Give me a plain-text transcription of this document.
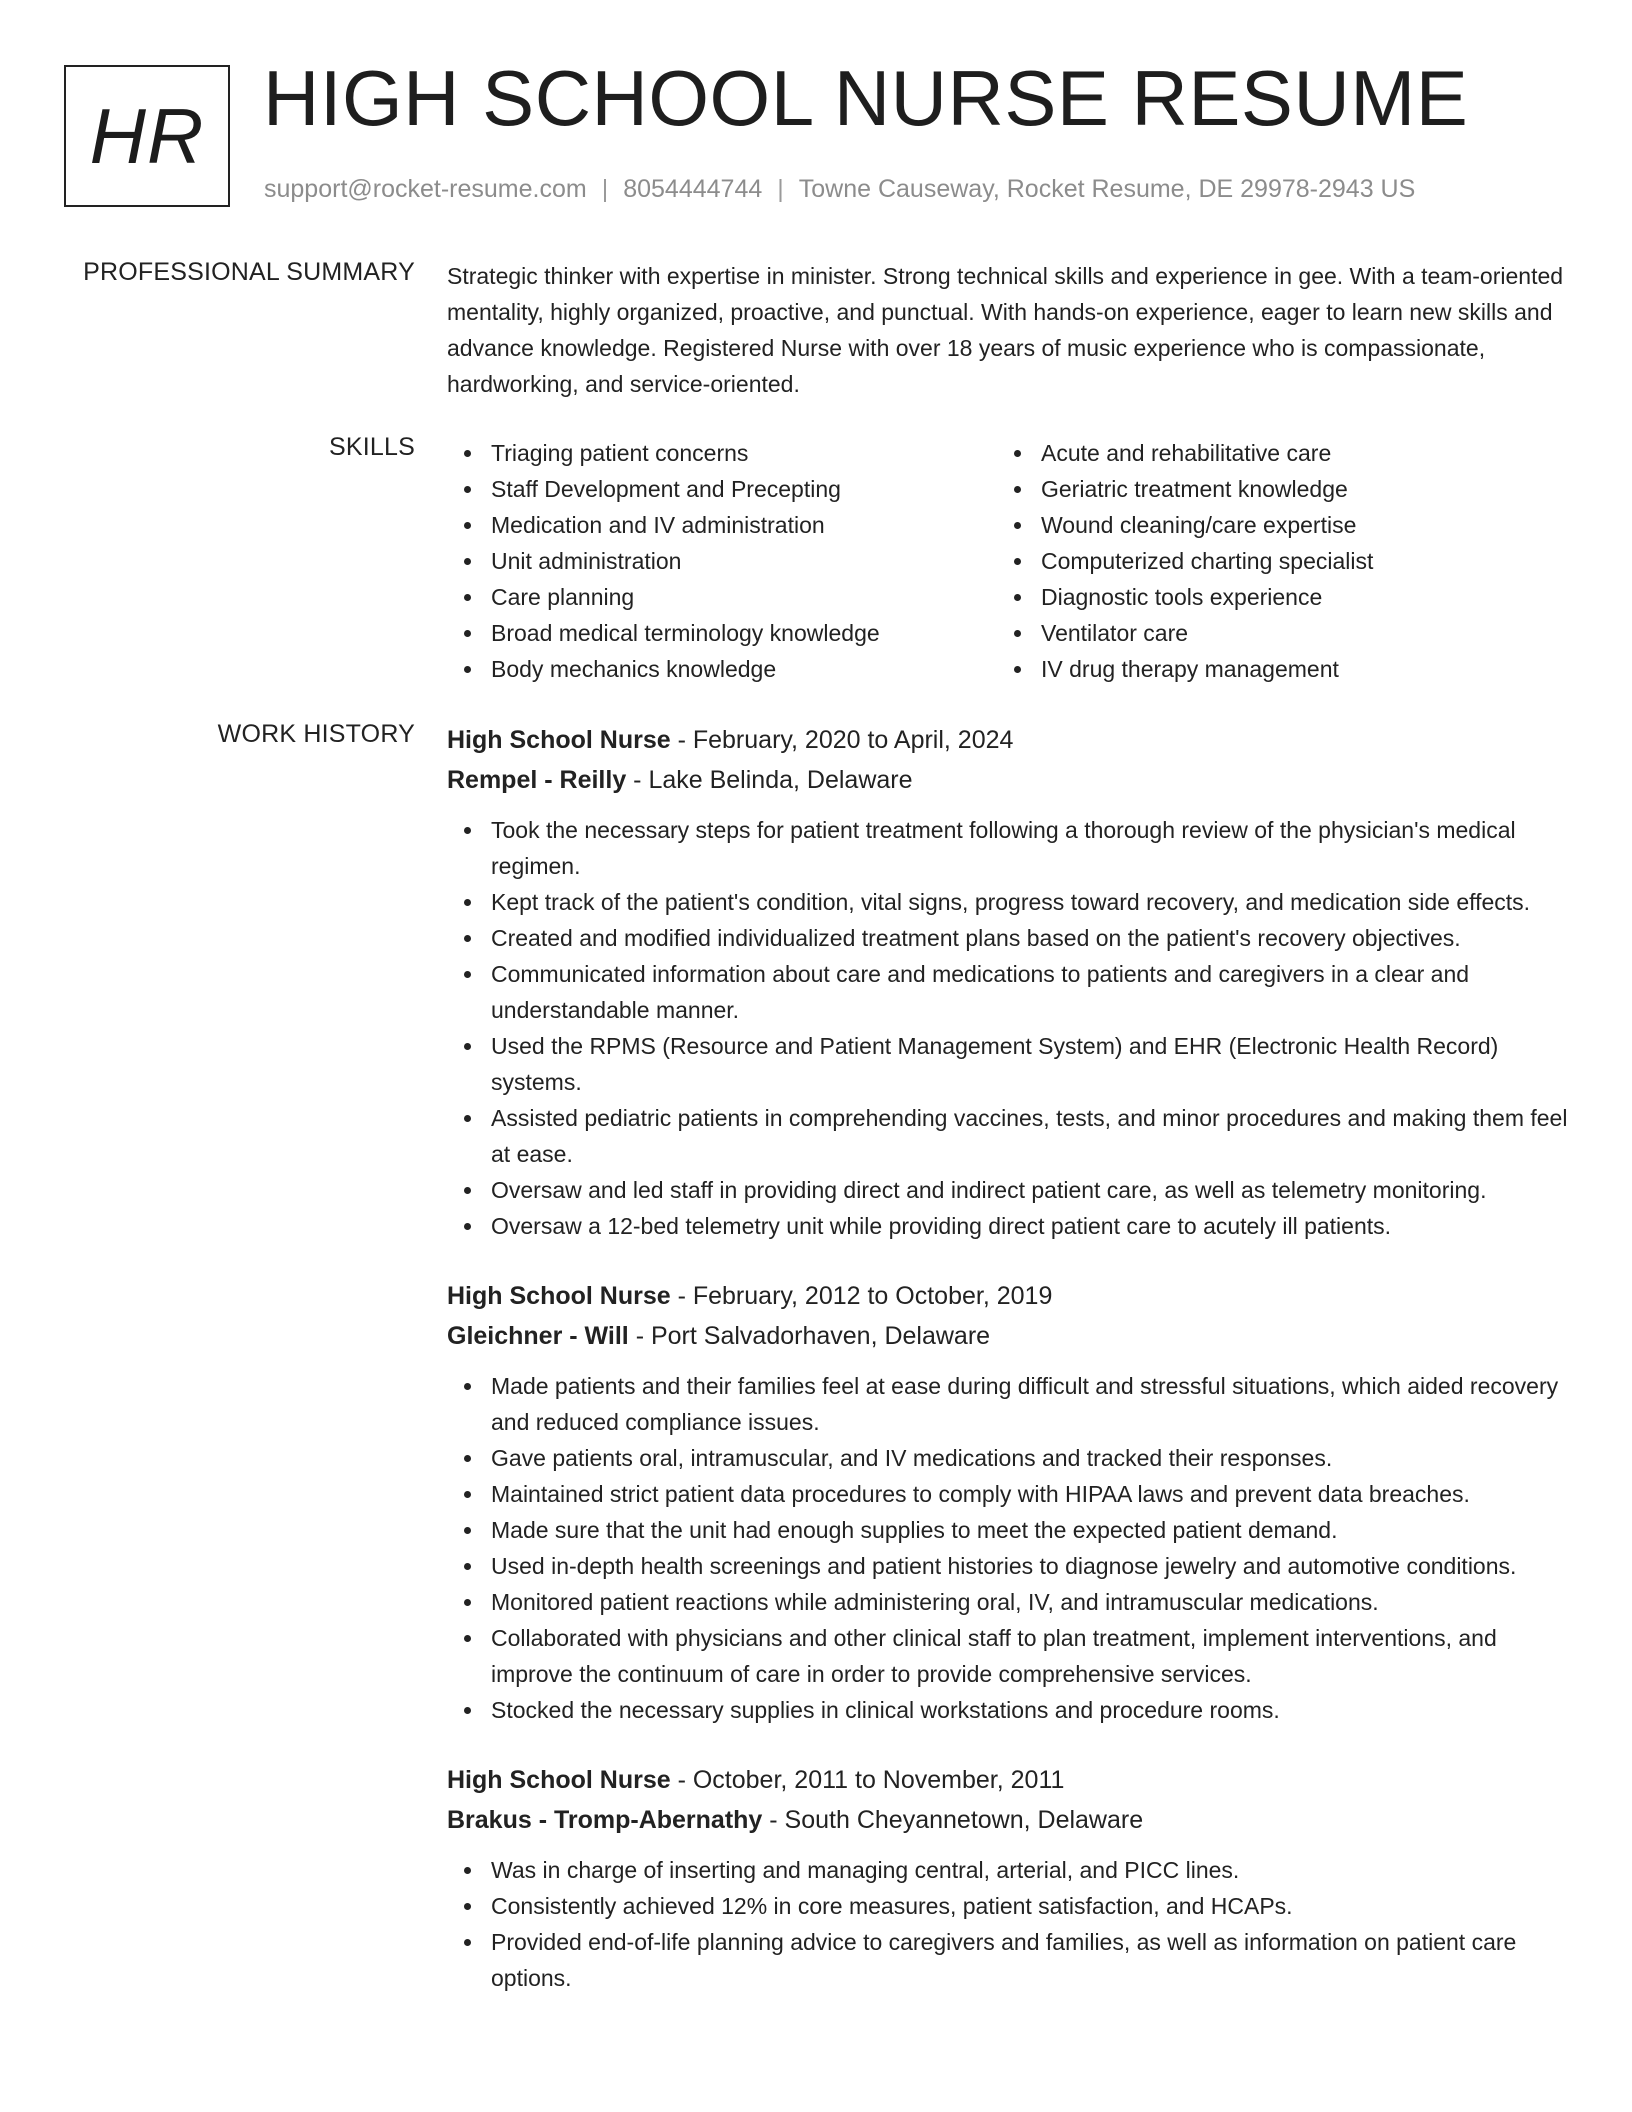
HR HIGH SCHOOL NURSE RESUME
support@rocket-resume.com | 8054444744 | Towne Causeway, Rocket Resume, DE 29978-2943 US
PROFESSIONAL SUMMARY Strategic thinker with expertise in minister. Strong technical skills and experience in gee. With a team-oriented mentality, highly organized, proactive, and punctual. With hands-on experience, eager to learn new skills and advance knowledge. Registered Nurse with over 18 years of music experience who is compassionate, hardworking, and service-oriented.

SKILLS	Triaging patient concerns
Staff Development and Precepting
Medication and IV administration
Unit administration
Care planning
Broad medical terminology knowledge
Body mechanics knowledge
Acute and rehabilitative care
Geriatric treatment knowledge
Wound cleaning/care expertise
Computerized charting specialist
Diagnostic tools experience
Ventilator care
IV drug therapy management
WORK HISTORY High School Nurse - February, 2020 to April, 2024
Rempel - Reilly - Lake Belinda, Delaware
Took the necessary steps for patient treatment following a thorough review of the physician's medical regimen.
Kept track of the patient's condition, vital signs, progress toward recovery, and medication side effects.
Created and modified individualized treatment plans based on the patient's recovery objectives.
Communicated information about care and medications to patients and caregivers in a clear and understandable manner.
Used the RPMS (Resource and Patient Management System) and EHR (Electronic Health Record) systems.
Assisted pediatric patients in comprehending vaccines, tests, and minor procedures and making them feel at ease.
Oversaw and led staff in providing direct and indirect patient care, as well as telemetry monitoring.
Oversaw a 12-bed telemetry unit while providing direct patient care to acutely ill patients.
High School Nurse - February, 2012 to October, 2019
Gleichner - Will - Port Salvadorhaven, Delaware
Made patients and their families feel at ease during difficult and stressful situations, which aided recovery and reduced compliance issues.
Gave patients oral, intramuscular, and IV medications and tracked their responses.
Maintained strict patient data procedures to comply with HIPAA laws and prevent data breaches.
Made sure that the unit had enough supplies to meet the expected patient demand.
Used in-depth health screenings and patient histories to diagnose jewelry and automotive conditions.
Monitored patient reactions while administering oral, IV, and intramuscular medications.
Collaborated with physicians and other clinical staff to plan treatment, implement interventions, and improve the continuum of care in order to provide comprehensive services.
Stocked the necessary supplies in clinical workstations and procedure rooms.
High School Nurse - October, 2011 to November, 2011
Brakus - Tromp-Abernathy - South Cheyannetown, Delaware
Was in charge of inserting and managing central, arterial, and PICC lines.
Consistently achieved 12% in core measures, patient satisfaction, and HCAPs.
Provided end-of-life planning advice to caregivers and families, as well as information on patient care options.
